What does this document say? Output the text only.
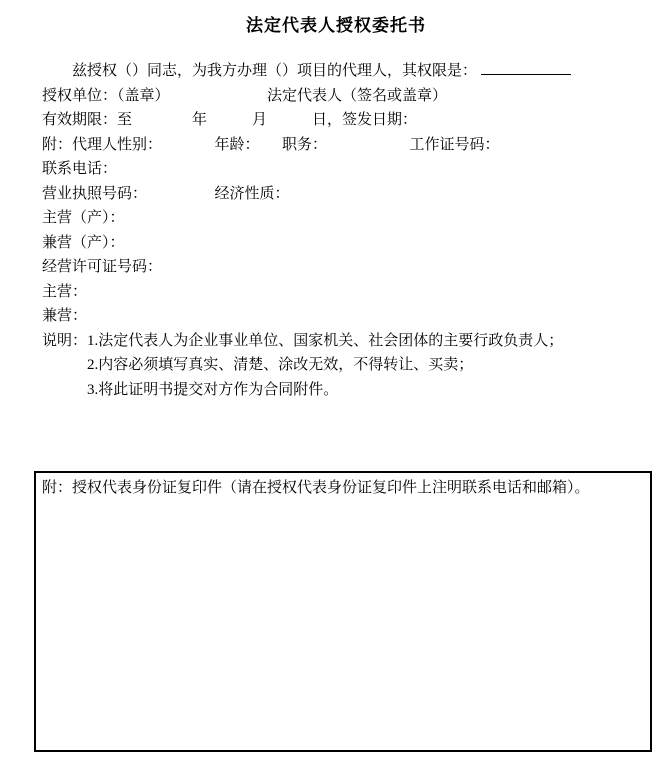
法定代表人授权委托书

　　兹授权（）同志，为我方办理（）项目的代理人，其权限是：

授权单位：（盖章）　　　　　　　法定代表人（签名或盖章）

有效期限：至　　　　年　　　月　　　日，签发日期：

附：代理人性别：　　　　年龄：　　职务：　　　　　　工作证号码：

联系电话：

营业执照号码：　　　　　经济性质：

主营（产）：

兼营（产）：

经营许可证号码：

主营：

兼营：

说明： 1.法定代表人为企业事业单位、国家机关、社会团体的主要行政负责人；

2.内容必须填写真实、清楚、涂改无效，不得转让、买卖；

3.将此证明书提交对方作为合同附件。

附：授权代表身份证复印件（请在授权代表身份证复印件上注明联系电话和邮箱）。
